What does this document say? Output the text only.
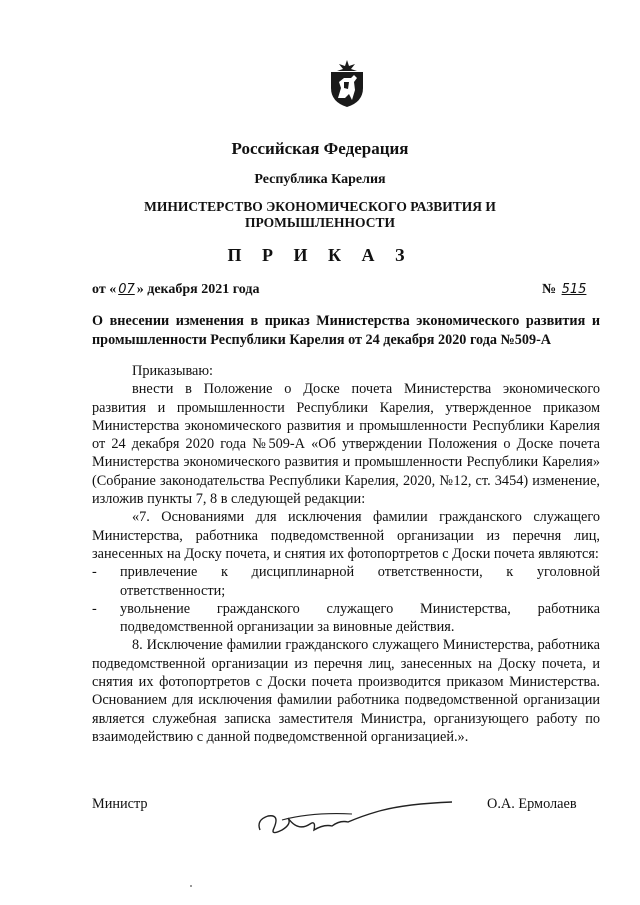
Российская Федерация
Республика Карелия
МИНИСТЕРСТВО ЭКОНОМИЧЕСКОГО РАЗВИТИЯ И
ПРОМЫШЛЕННОСТИ
П Р И К А З
от « 07 » декабря 2021 года	№ 515
О внесении изменения в приказ Министерства экономического развития и промышленности Республики Карелия от 24 декабря 2020 года №509-А

Приказываю:

внести в Положение о Доске почета Министерства экономического развития и промышленности Республики Карелия, утвержденное приказом Министерства экономического развития и промышленности Республики Карелия от 24 декабря 2020 года №509-А «Об утверждении Положения о Доске почета Министерства экономического развития и промышленности Республики Карелия» (Собрание законодательства Республики Карелия, 2020, №12, ст. 3454) изменение, изложив пункты 7, 8 в следующей редакции:

«7. Основаниями для исключения фамилии гражданского служащего Министерства, работника подведомственной организации из перечня лиц, занесенных на Доску почета, и снятия их фотопортретов с Доски почета являются:

-	привлечение к дисциплинарной ответственности, к уголовной ответственности;

-	увольнение гражданского служащего Министерства, работника подведомственной организации за виновные действия.

8. Исключение фамилии гражданского служащего Министерства, работника подведомственной организации из перечня лиц, занесенных на Доску почета, и снятия их фотопортретов с Доски почета производится приказом Министерства. Основанием для исключения фамилии работника подведомственной организации является служебная записка заместителя Министра, организующего работу по взаимодействию с данной подведомственной организацией.».

Министр	О.А. Ермолаев
